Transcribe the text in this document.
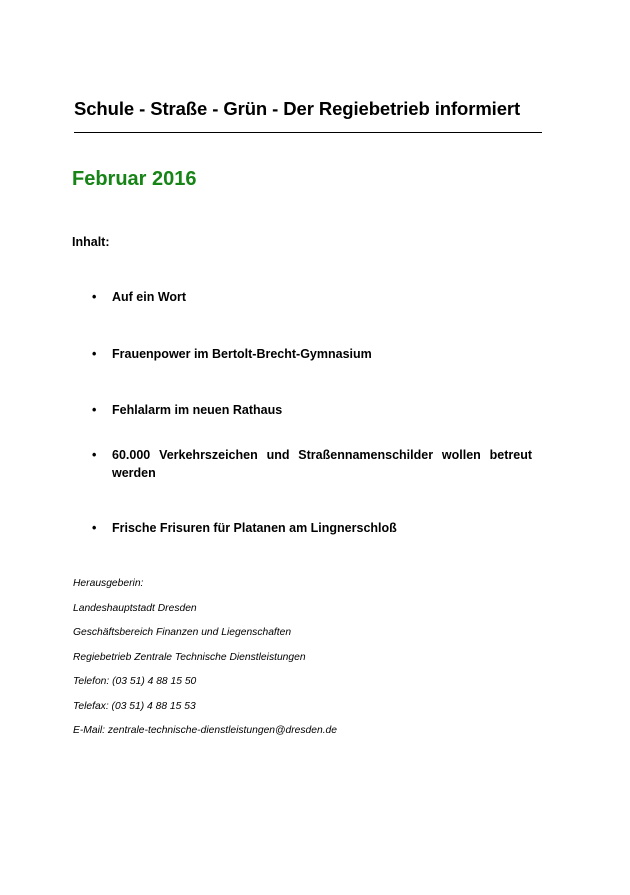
Schule - Straße - Grün - Der Regiebetrieb informiert
Februar 2016
Inhalt:
• Auf ein Wort
• Frauenpower im Bertolt-Brecht-Gymnasium
• Fehlalarm im neuen Rathaus
• 60.000 Verkehrszeichen und Straßennamenschilder wollen betreut werden
• Frische Frisuren für Platanen am Lingnerschloß
Herausgeberin:
Landeshauptstadt Dresden
Geschäftsbereich Finanzen und Liegenschaften
Regiebetrieb Zentrale Technische Dienstleistungen
Telefon: (03 51) 4 88 15 50
Telefax: (03 51) 4 88 15 53
E-Mail: zentrale-technische-dienstleistungen@dresden.de
